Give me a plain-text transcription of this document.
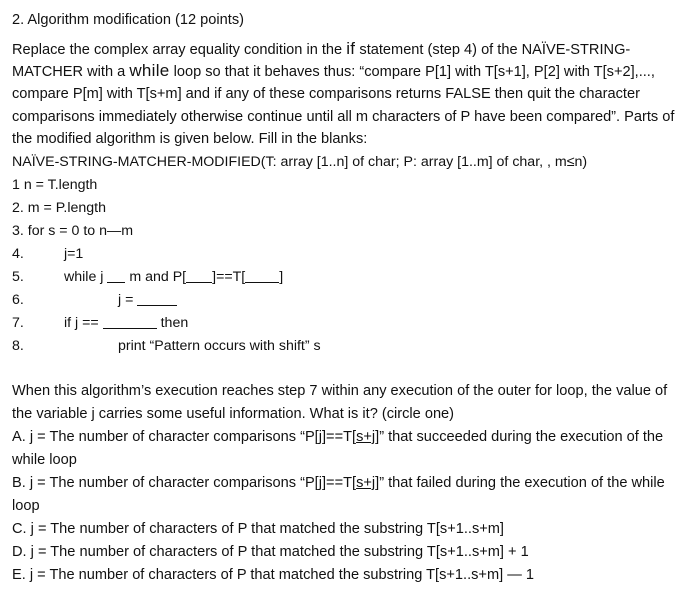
2. Algorithm modification (12 points)
Replace the complex array equality condition in the if statement (step 4) of the NAÏVE-STRING-
MATCHER with a while loop so that it behaves thus: “compare P[1] with T[s+1], P[2] with T[s+2],...,
compare P[m] with T[s+m] and if any of these comparisons returns FALSE then quit the character
comparisons immediately otherwise continue until all m characters of P have been compared”. Parts of
the modified algorithm is given below. Fill in the blanks:
NAÏVE-STRING-MATCHER-MODIFIED(T: array [1..n] of char; P: array [1..m] of char, , m≤n)
1 n = T.length
2. m = P.length
3. for s = 0 to n—m
4.	j=1
5.	while j m and P[ ]==T[ ]
6.	j =
7.	if j ==	then
8.	print “Pattern occurs with shift” s
When this algorithm’s execution reaches step 7 within any execution of the outer for loop, the value of
the variable j carries some useful information. What is it? (circle one)
A. j = The number of character comparisons “P[j]==T[s+j]” that succeeded during the execution of the
while loop
B. j = The number of character comparisons “P[j]==T[s+j]” that failed during the execution of the while
loop
C. j = The number of characters of P that matched the substring T[s+1..s+m]
D. j = The number of characters of P that matched the substring T[s+1..s+m] + 1
E. j = The number of characters of P that matched the substring T[s+1..s+m] — 1
